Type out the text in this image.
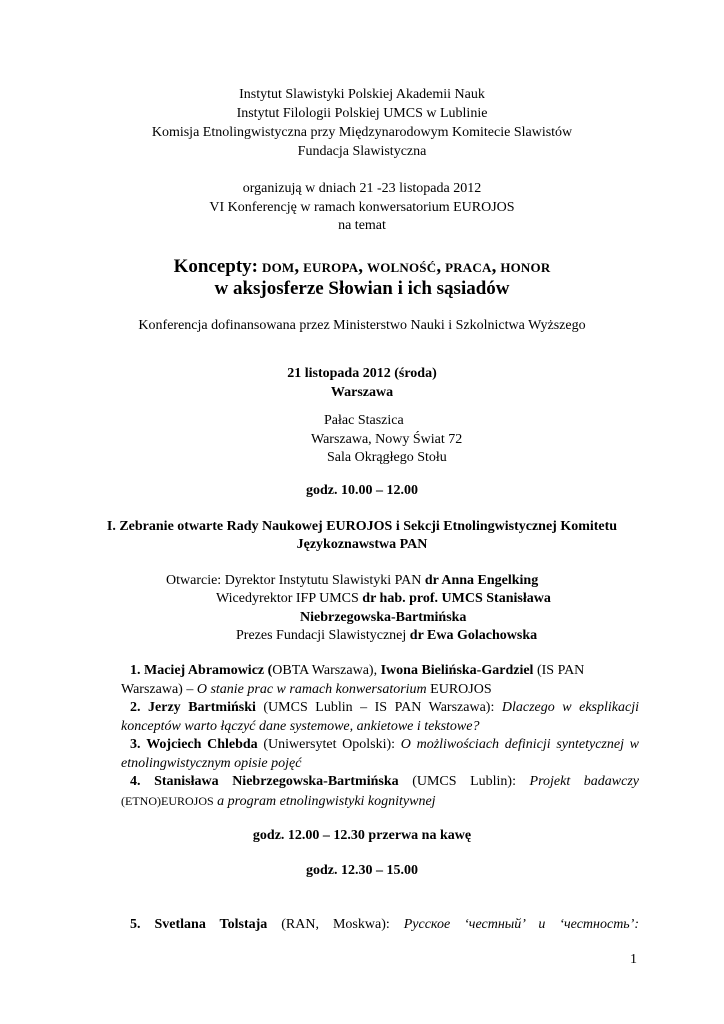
Instytut Slawistyki Polskiej Akademii Nauk
Instytut Filologii Polskiej UMCS w Lublinie
Komisja Etnolingwistyczna przy Międzynarodowym Komitecie Slawistów
Fundacja Slawistyczna
organizują w dniach 21 -23 listopada 2012
VI Konferencję w ramach konwersatorium EUROJOS
na temat
Koncepty: DOM, EUROPA, WOLNOŚĆ, PRACA, HONOR
w aksjosferze Słowian i ich sąsiadów
Konferencja dofinansowana przez Ministerstwo Nauki i Szkolnictwa Wyższego
21 listopada 2012 (środa)
Warszawa
Pałac Staszica
Warszawa, Nowy Świat 72
Sala Okrągłego Stołu
godz. 10.00 – 12.00
I. Zebranie otwarte Rady Naukowej EUROJOS i Sekcji Etnolingwistycznej Komitetu
Językoznawstwa PAN
Otwarcie: Dyrektor Instytutu Slawistyki PAN dr Anna Engelking
Wicedyrektor IFP UMCS dr hab. prof. UMCS Stanisława
Niebrzegowska-Bartmińska
Prezes Fundacji Slawistycznej dr Ewa Golachowska
1. Maciej Abramowicz (OBTA Warszawa), Iwona Bielińska-Gardziel (IS PAN
Warszawa) – O stanie prac w ramach konwersatorium EUROJOS
2. Jerzy Bartmiński (UMCS Lublin – IS PAN Warszawa): Dlaczego w eksplikacji
konceptów warto łączyć dane systemowe, ankietowe i tekstowe?
3. Wojciech Chlebda (Uniwersytet Opolski): O możliwościach definicji syntetycznej w
etnolingwistycznym opisie pojęć
4. Stanisława Niebrzegowska-Bartmińska (UMCS Lublin): Projekt badawczy
(ETNO)EUROJOS a program etnolingwistyki kognitywnej
godz. 12.00 – 12.30 przerwa na kawę
godz. 12.30 – 15.00
5. Svetlana Tolstaja (RAN, Moskwa): Русское ‘честный’ и ‘честность’:
1
